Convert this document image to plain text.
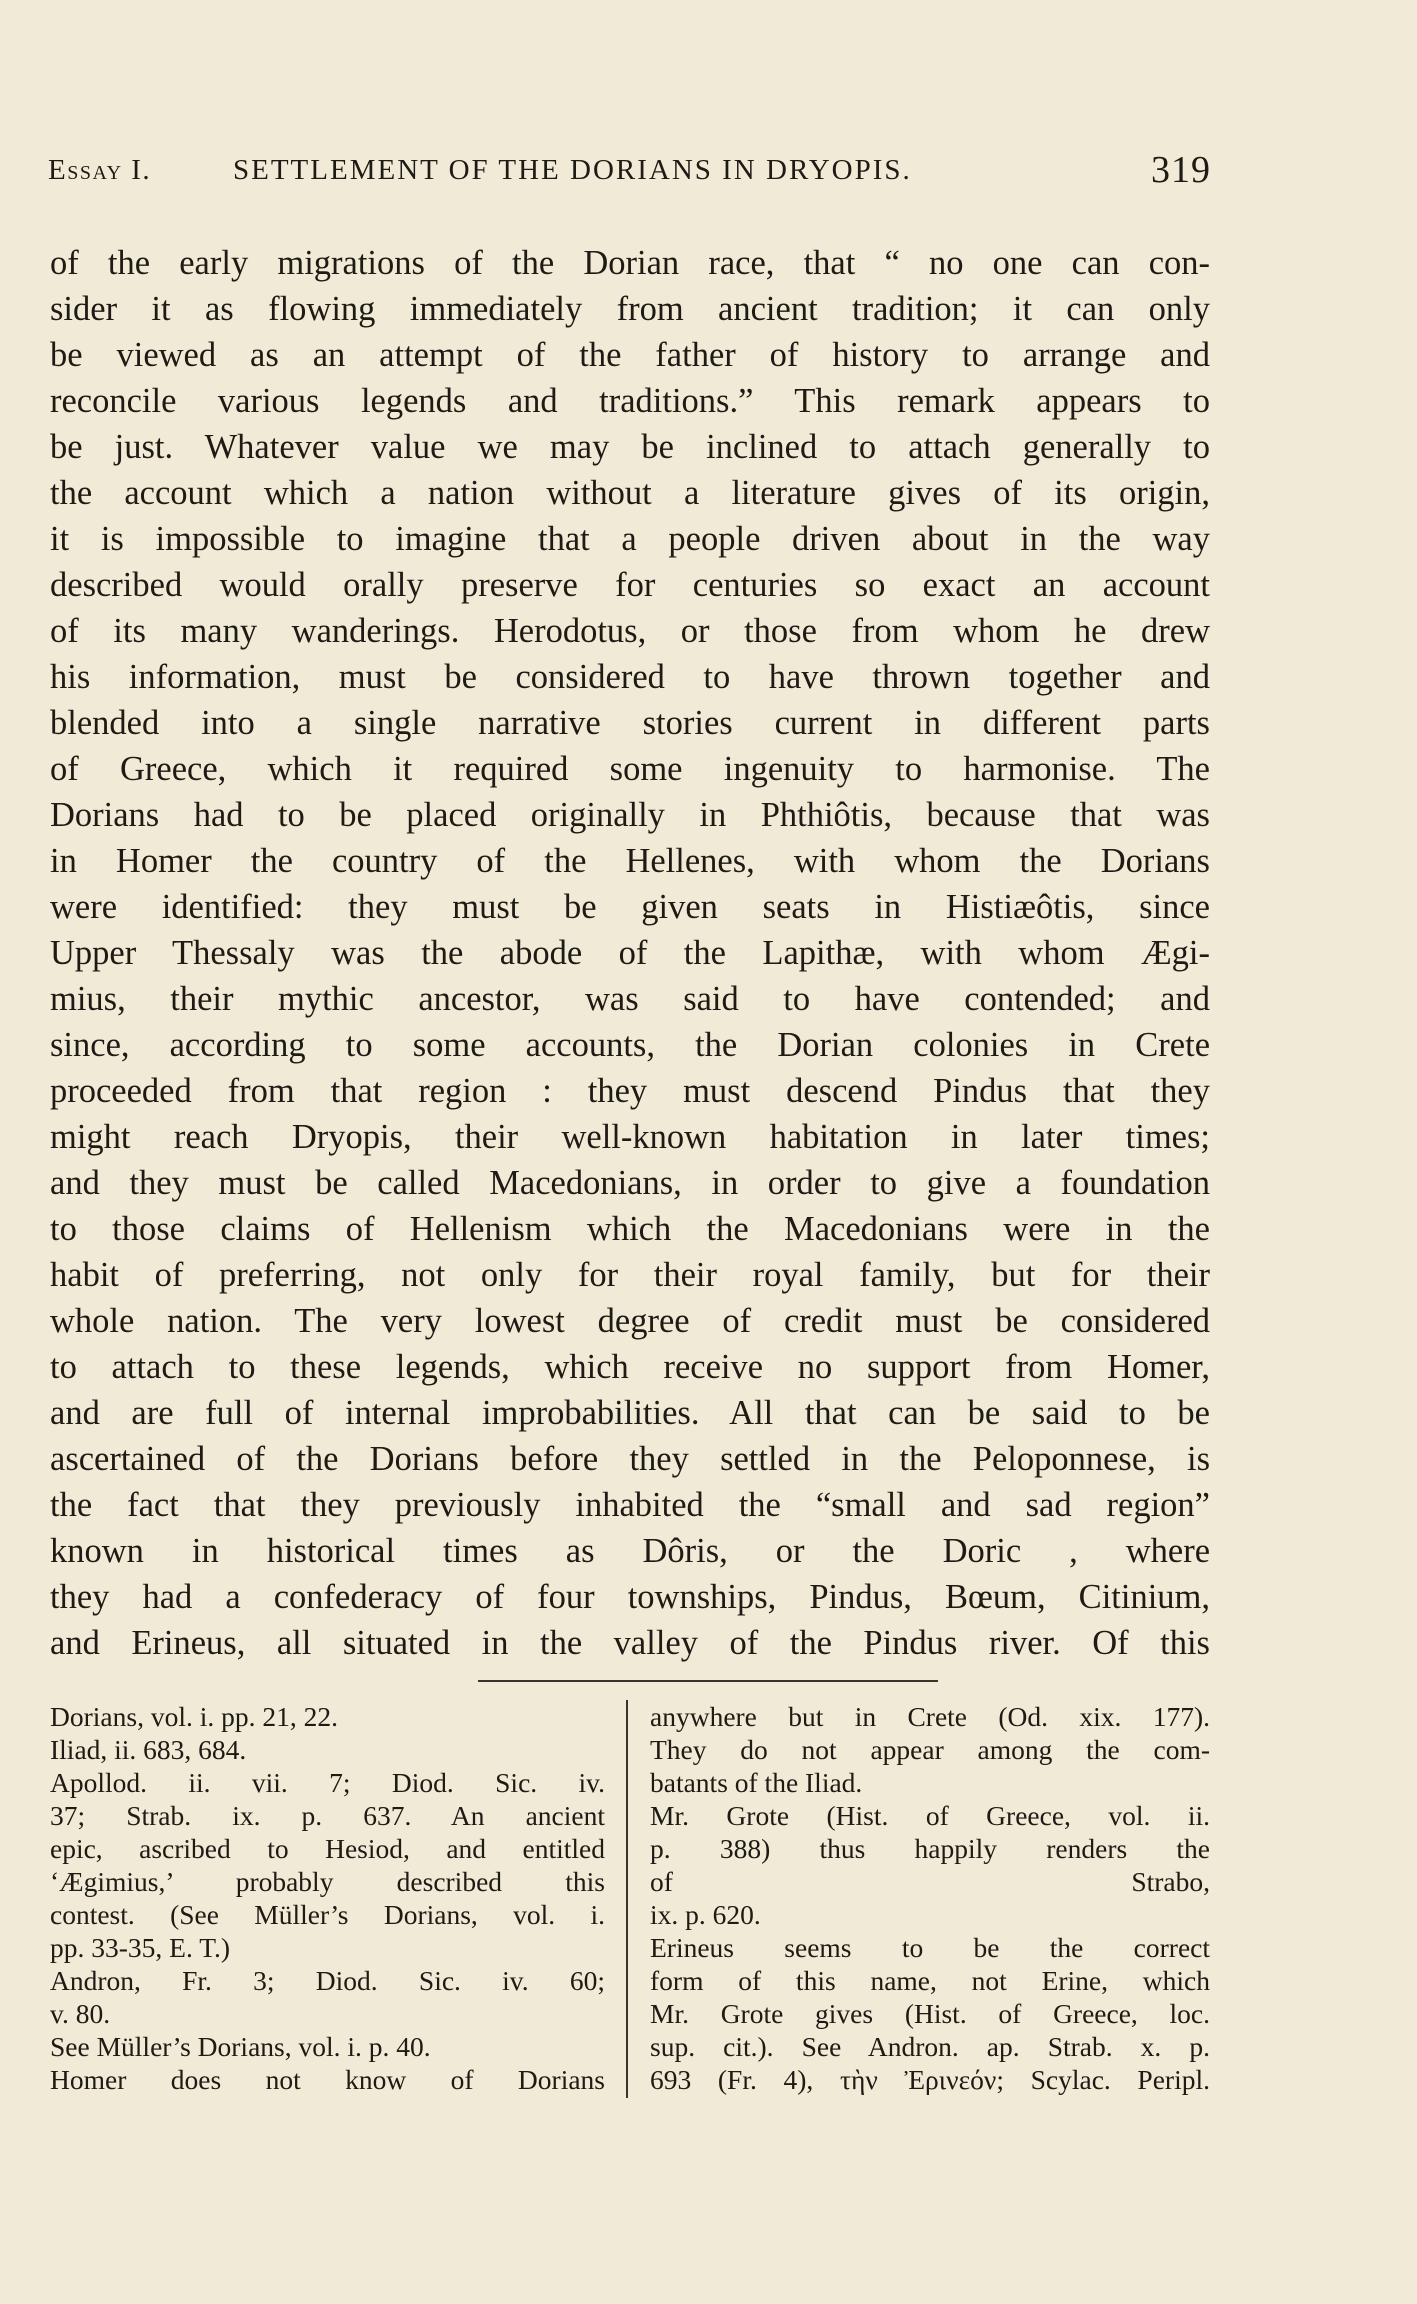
Essay I.	SETTLEMENT OF THE DORIANS IN DRYOPIS.	319
of the early migrations of the Dorian race, that “ no one can con-
sider it as flowing immediately from ancient tradition; it can only
be viewed as an attempt of the father of history to arrange and
reconcile various legends and traditions.” This remark appears to
be just. Whatever value we may be inclined to attach generally to
the account which a nation without a literature gives of its origin,
it is impossible to imagine that a people driven about in the way
described would orally preserve for centuries so exact an account
of its many wanderings. Herodotus, or those from whom he drew
his information, must be considered to have thrown together and
blended into a single narrative stories current in different parts
of Greece, which it required some ingenuity to harmonise. The
Dorians had to be placed originally in Phthiôtis, because that was
in Homer the country of the Hellenes, with whom the Dorians
were identified: they must be given seats in Histiæôtis, since
Upper Thessaly was the abode of the Lapithæ, with whom Ægi-
mius, their mythic ancestor, was said to have contended; and
since, according to some accounts, the Dorian colonies in Crete
proceeded from that region : they must descend Pindus that they
might reach Dryopis, their well-known habitation in later times;
and they must be called Macedonians, in order to give a foundation
to those claims of Hellenism which the Macedonians were in the
habit of preferring, not only for their royal family, but for their
whole nation. The very lowest degree of credit must be considered
to attach to these legends, which receive no support from Homer,
and are full of internal improbabilities. All that can be said to be
ascertained of the Dorians before they settled in the Peloponnese, is
the fact that they previously inhabited the “small and sad region”
known in historical times as Dôris, or the Doric , where
they had a confederacy of four townships, Pindus, Bœum, Citinium,
and Erineus, all situated in the valley of the Pindus river. Of this
Dorians, vol. i. pp. 21, 22.
Iliad, ii. 683, 684.
Apollod. ii. vii. 7; Diod. Sic. iv.
37; Strab. ix. p. 637. An ancient
epic, ascribed to Hesiod, and entitled
‘Ægimius,’ probably described this
contest. (See Müller’s Dorians, vol. i.
pp. 33-35, E. T.)
Andron, Fr. 3; Diod. Sic. iv. 60;
v. 80.
See Müller’s Dorians, vol. i. p. 40.
Homer does not know of Dorians
anywhere but in Crete (Od. xix. 177).
They do not appear among the com-
batants of the Iliad.
Mr. Grote (Hist. of Greece, vol. ii.
p. 388) thus happily renders the
of Strabo,
ix. p. 620.
Erineus seems to be the correct
form of this name, not Erine, which
Mr. Grote gives (Hist. of Greece, loc.
sup. cit.). See Andron. ap. Strab. x. p.
693 (Fr. 4), τὴν Ἐρινεόν; Scylac. Peripl.
